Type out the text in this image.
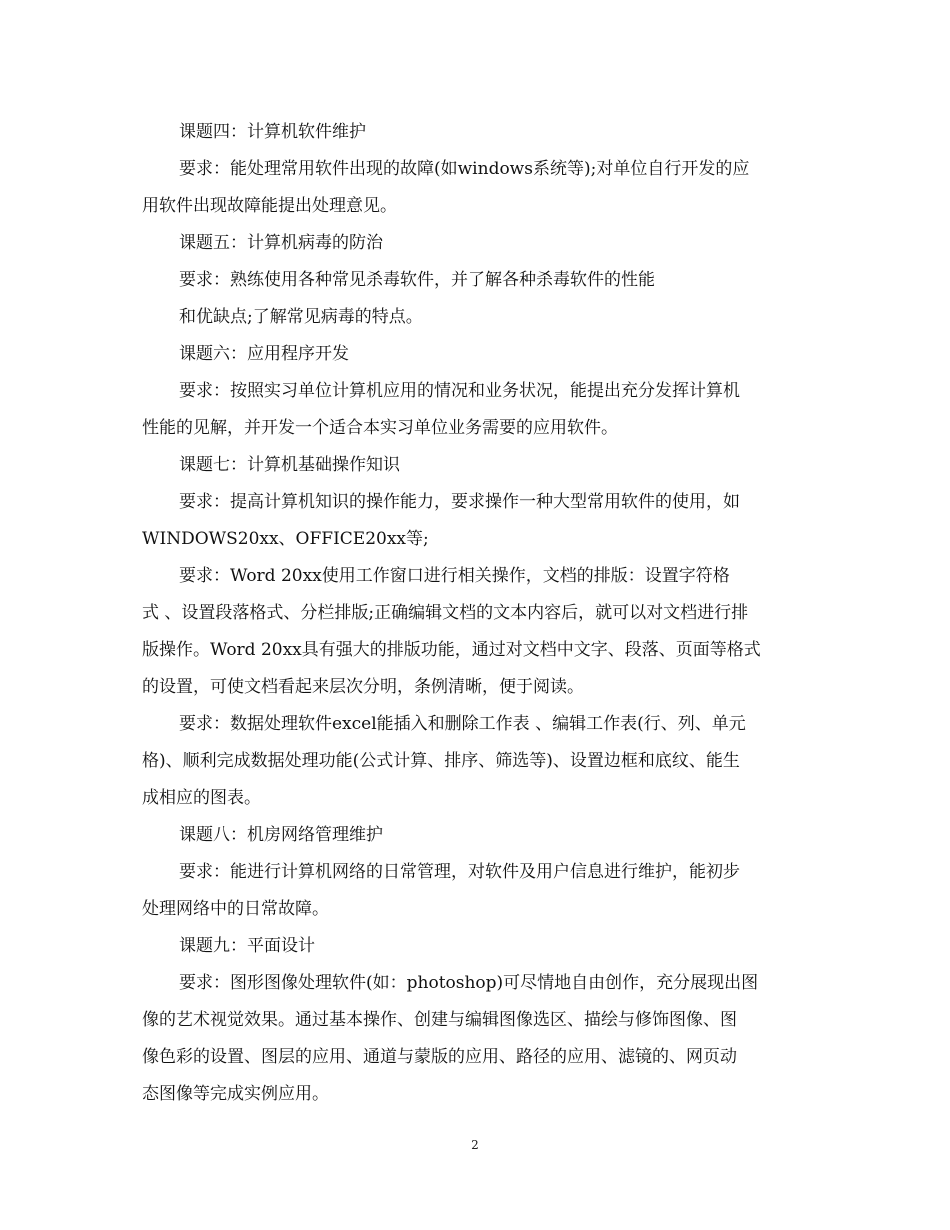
课题四：计算机软件维护
要求：能处理常用软件出现的故障(如windows系统等);对单位自行开发的应
用软件出现故障能提出处理意见。
课题五：计算机病毒的防治
要求：熟练使用各种常见杀毒软件，并了解各种杀毒软件的性能
和优缺点;了解常见病毒的特点。
课题六：应用程序开发
要求：按照实习单位计算机应用的情况和业务状况，能提出充分发挥计算机
性能的见解，并开发一个适合本实习单位业务需要的应用软件。
课题七：计算机基础操作知识
要求：提高计算机知识的操作能力，要求操作一种大型常用软件的使用，如
WINDOWS20xx、OFFICE20xx等;
要求：Word 20xx使用工作窗口进行相关操作，文档的排版：设置字符格
式 、设置段落格式、分栏排版;正确编辑文档的文本内容后，就可以对文档进行排
版操作。Word 20xx具有强大的排版功能，通过对文档中文字、段落、页面等格式
的设置，可使文档看起来层次分明，条例清晰，便于阅读。
要求：数据处理软件excel能插入和删除工作表 、编辑工作表(行、列、单元
格)、顺利完成数据处理功能(公式计算、排序、筛选等)、设置边框和底纹、能生
成相应的图表。
课题八：机房网络管理维护
要求：能进行计算机网络的日常管理，对软件及用户信息进行维护，能初步
处理网络中的日常故障。
课题九：平面设计
要求：图形图像处理软件(如：photoshop)可尽情地自由创作，充分展现出图
像的艺术视觉效果。通过基本操作、创建与编辑图像选区、描绘与修饰图像、图
像色彩的设置、图层的应用、通道与蒙版的应用、路径的应用、滤镜的、网页动
态图像等完成实例应用。
2
